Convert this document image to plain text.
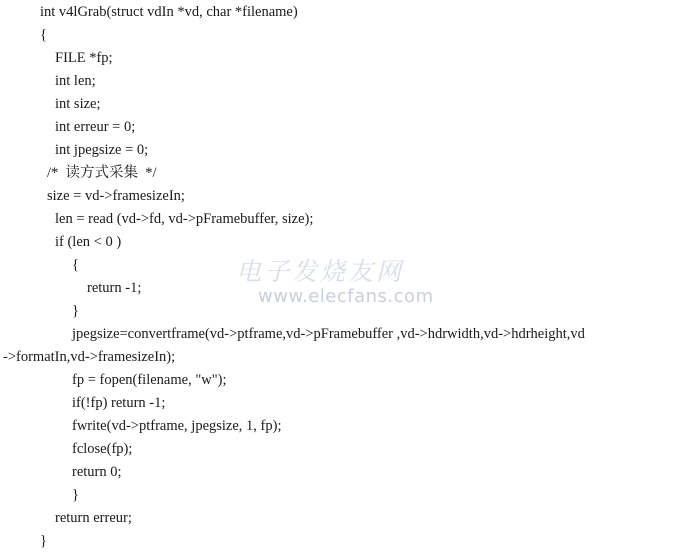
int v4lGrab(struct vdIn *vd, char *filename)
{
FILE *fp;
int len;
int size;
int erreur = 0;
int jpegsize = 0;
/*  读方式采集  */
size = vd->framesizeIn;
len = read (vd->fd, vd->pFramebuffer, size);
if (len < 0 )
{
return -1;
}
jpegsize=convertframe(vd->ptframe,vd->pFramebuffer ,vd->hdrwidth,vd->hdrheight,vd
->formatIn,vd->framesizeIn);
fp = fopen(filename, "w");
if(!fp) return -1;
fwrite(vd->ptframe, jpegsize, 1, fp);
fclose(fp);
return 0;
}
return erreur;
}
电子发烧友网
www.elecfans.com
